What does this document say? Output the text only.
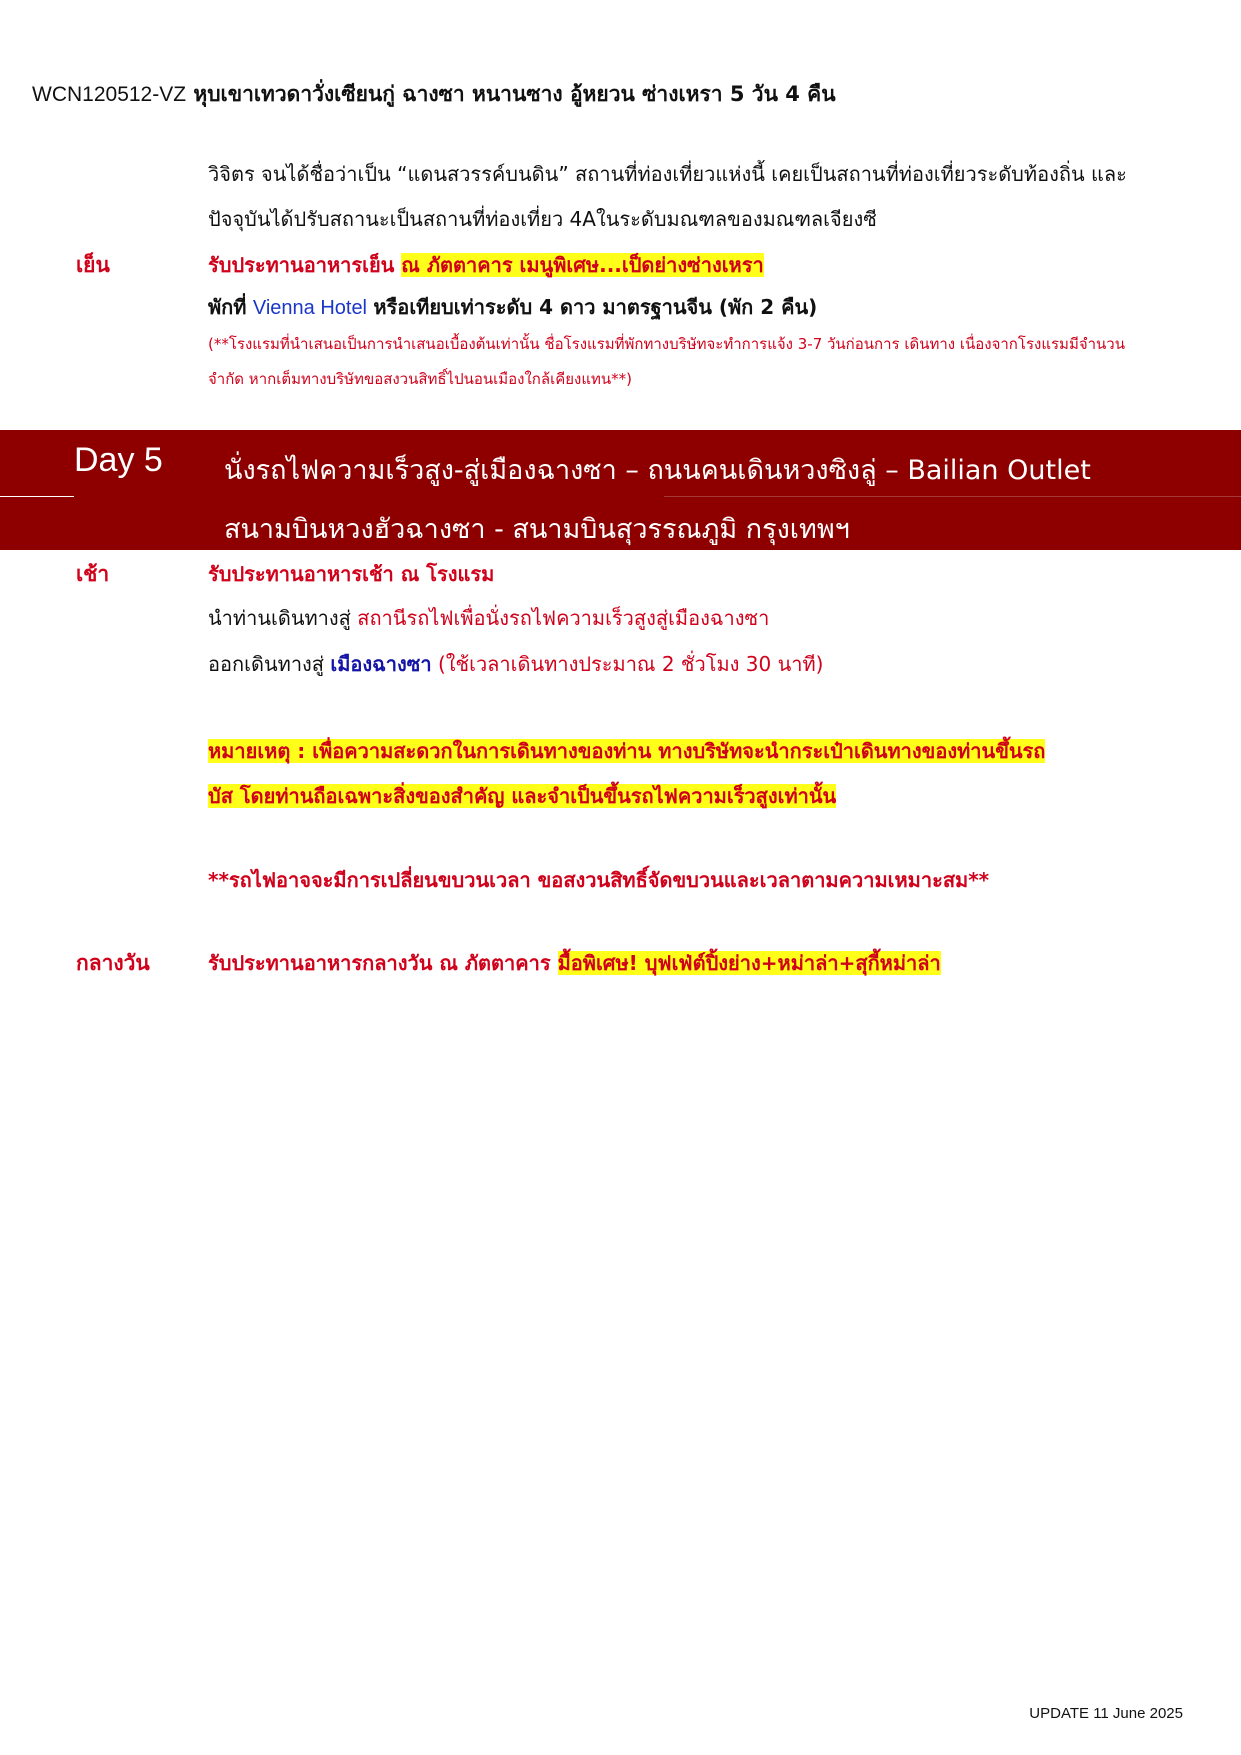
WCN120512-VZ หุบเขาเทวดาวั่งเซียนกู่ ฉางซา หนานซาง อู้หยวน ซ่างเหรา 5 วัน 4 คืน
วิจิตร จนได้ชื่อว่าเป็น “แดนสวรรค์บนดิน” สถานที่ท่องเที่ยวแห่งนี้ เคยเป็นสถานที่ท่องเที่ยวระดับท้องถิ่น และ
ปัจจุบันได้ปรับสถานะเป็นสถานที่ท่องเที่ยว 4Aในระดับมณฑลของมณฑลเจียงซี
เย็น	รับประทานอาหารเย็น ณ ภัตตาคาร เมนูพิเศษ...เป็ดย่างซ่างเหรา
พักที่ Vienna Hotel หรือเทียบเท่าระดับ 4 ดาว มาตรฐานจีน (พัก 2 คืน)
(**โรงแรมที่นำเสนอเป็นการนำเสนอเบื้องต้นเท่านั้น ชื่อโรงแรมที่พักทางบริษัทจะทำการแจ้ง 3-7 วันก่อนการ เดินทาง เนื่องจากโรงแรมมีจำนวน
จำกัด หากเต็มทางบริษัทขอสงวนสิทธิ์ไปนอนเมืองใกล้เคียงแทน**)
Day 5 นั่งรถไฟความเร็วสูง-สู่เมืองฉางซา – ถนนคนเดินหวงซิงลู่ – Bailian Outlet
สนามบินหวงฮัวฉางซา - สนามบินสุวรรณภูมิ กรุงเทพฯ
เช้า	รับประทานอาหารเช้า ณ โรงแรม
นำท่านเดินทางสู่ สถานีรถไฟเพื่อนั่งรถไฟความเร็วสูงสู่เมืองฉางซา
ออกเดินทางสู่ เมืองฉางซา (ใช้เวลาเดินทางประมาณ 2 ชั่วโมง 30 นาที)
หมายเหตุ : เพื่อความสะดวกในการเดินทางของท่าน ทางบริษัทจะนำกระเป๋าเดินทางของท่านขึ้นรถ
บัส โดยท่านถือเฉพาะสิ่งของสำคัญ และจำเป็นขึ้นรถไฟความเร็วสูงเท่านั้น
**รถไฟอาจจะมีการเปลี่ยนขบวนเวลา ขอสงวนสิทธิ์จัดขบวนและเวลาตามความเหมาะสม**
กลางวัน	รับประทานอาหารกลางวัน ณ ภัตตาคาร มื้อพิเศษ! บุฟเฟ่ต์ปิ้งย่าง+หม่าล่า+สุกี้หม่าล่า
UPDATE 11 June 2025
